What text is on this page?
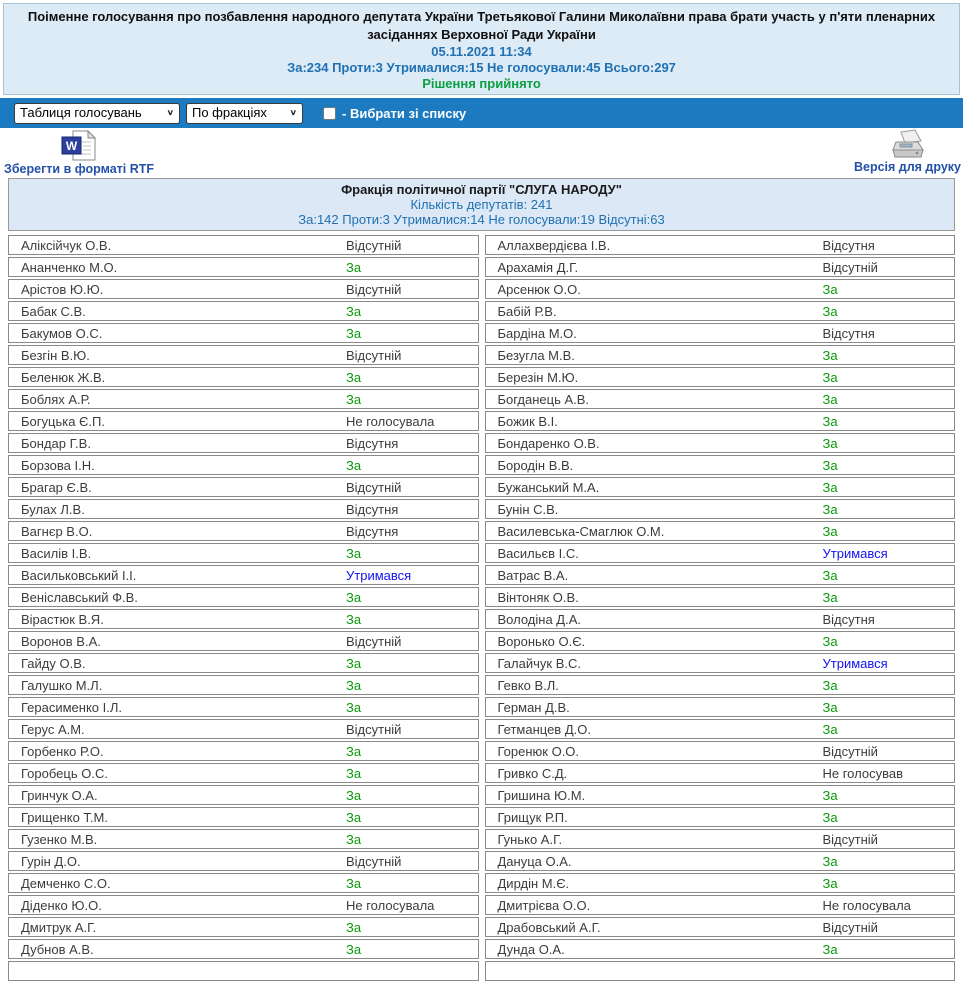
Поіменне голосування про позбавлення народного депутата України Третьякової Галини Миколаївни права брати участь у п'яти пленарних засіданнях Верховної Ради України
05.11.2021 11:34
За:234 Проти:3 Утрималися:15 Не голосували:45 Всього:297
Рішення прийнято
Таблиця голосувань ∨
По фракціях ∨
- Вибрати зі списку
W
Зберегти в форматі RTF	Версія для друку
Фракція політичної партії "СЛУГА НАРОДУ"
Кількість депутатів: 241
За:142 Проти:3 Утрималися:14 Не голосували:19 Відсутні:63
Аліксійчук О.В.	Відсутній
Ананченко М.О.	За
Арістов Ю.Ю.	Відсутній
Бабак С.В.	За
Бакумов О.С.	За
Безгін В.Ю.	Відсутній
Беленюк Ж.В.	За
Боблях А.Р.	За
Богуцька Є.П.	Не голосувала
Бондар Г.В.	Відсутня
Борзова І.Н.	За
Брагар Є.В.	Відсутній
Булах Л.В.	Відсутня
Вагнєр В.О.	Відсутня
Василів І.В.	За
Васильковський І.І.	Утримався
Веніславський Ф.В.	За
Вірастюк В.Я.	За
Воронов В.А.	Відсутній
Гайду О.В.	За
Галушко М.Л.	За
Герасименко І.Л.	За
Герус А.М.	Відсутній
Горбенко Р.О.	За
Горобець О.С.	За
Гринчук О.А.	За
Грищенко Т.М.	За
Гузенко М.В.	За
Гурін Д.О.	Відсутній
Демченко С.О.	За
Діденко Ю.О.	Не голосувала
Дмитрук А.Г.	За
Дубнов А.В.	За
Аллахвердієва І.В.	Відсутня
Арахамія Д.Г.	Відсутній
Арсенюк О.О.	За
Бабій Р.В.	За
Бардіна М.О.	Відсутня
Безугла М.В.	За
Березін М.Ю.	За
Богданець А.В.	За
Божик В.І.	За
Бондаренко О.В.	За
Бородін В.В.	За
Бужанський М.А.	За
Бунін С.В.	За
Василевська-Смаглюк О.М.	За
Васильєв І.С.	Утримався
Ватрас В.А.	За
Вінтоняк О.В.	За
Володіна Д.А.	Відсутня
Воронько О.Є.	За
Галайчук В.С.	Утримався
Гевко В.Л.	За
Герман Д.В.	За
Гетманцев Д.О.	За
Горенюк О.О.	Відсутній
Гривко С.Д.	Не голосував
Гришина Ю.М.	За
Грищук Р.П.	За
Гунько А.Г.	Відсутній
Дануца О.А.	За
Дирдін М.Є.	За
Дмитрієва О.О.	Не голосувала
Драбовський А.Г.	Відсутній
Дунда О.А.	За
